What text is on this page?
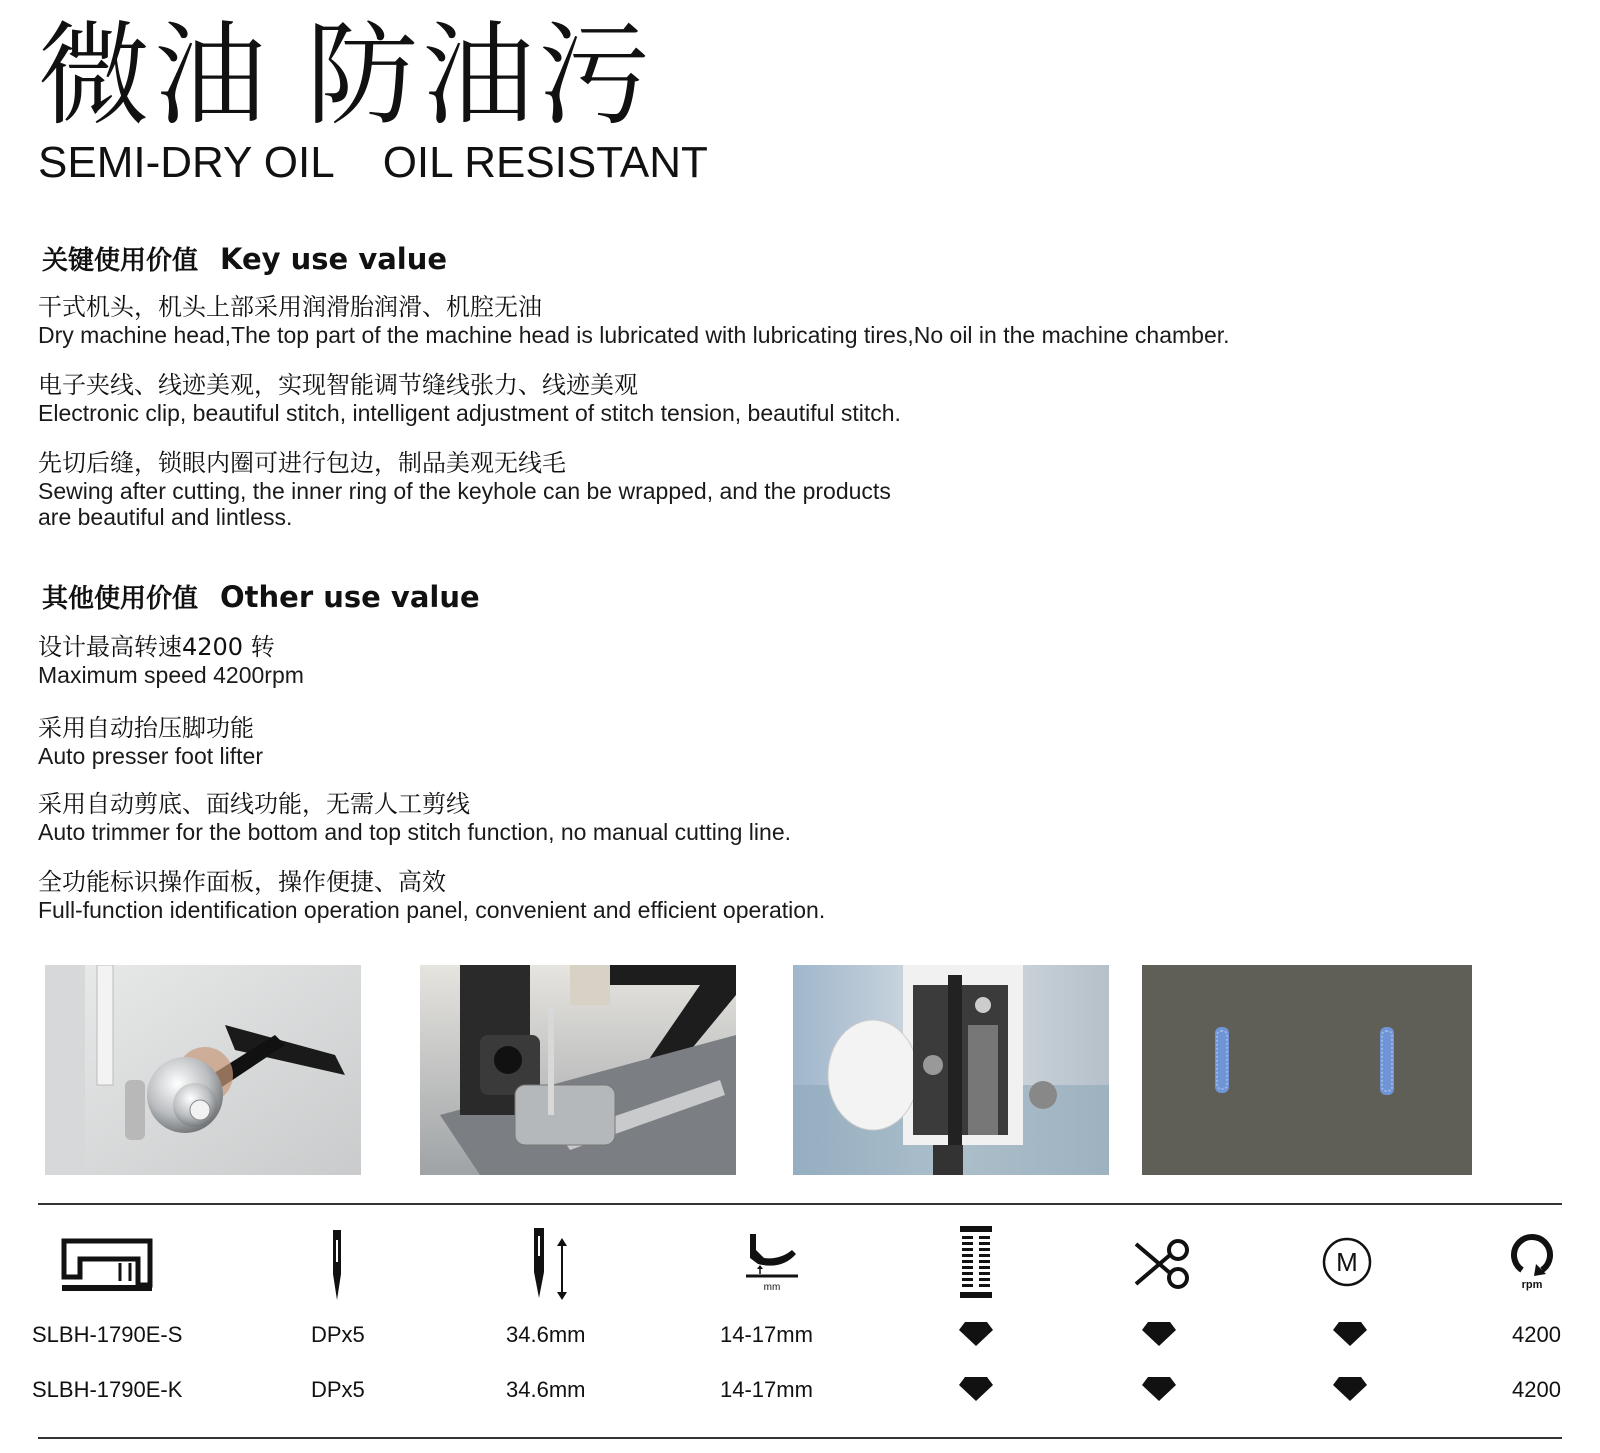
微油 防油污
SEMI-DRY OIL OIL RESISTANT
关键使用价值 Key use value
干式机头，机头上部采用润滑胎润滑、机腔无油
Dry machine head,The top part of the machine head is lubricated with lubricating tires,No oil in the machine chamber.
电子夹线、线迹美观，实现智能调节缝线张力、线迹美观
Electronic clip, beautiful stitch, intelligent adjustment of stitch tension, beautiful stitch.
先切后缝，锁眼内圈可进行包边，制品美观无线毛
Sewing after cutting, the inner ring of the keyhole can be wrapped, and the products
are beautiful and lintless.
其他使用价值 Other use value
设计最高转速4200 转
Maximum speed 4200rpm
采用自动抬压脚功能
Auto presser foot lifter
采用自动剪底、面线功能，无需人工剪线
Auto trimmer for the bottom and top stitch function, no manual cutting line.
全功能标识操作面板，操作便捷、高效
Full-function identification operation panel, convenient and efficient operation.
mm
M
rpm
SLBH-1790E-S	DPx5	34.6mm	14-17mm	4200
SLBH-1790E-K	DPx5	34.6mm	14-17mm	4200
